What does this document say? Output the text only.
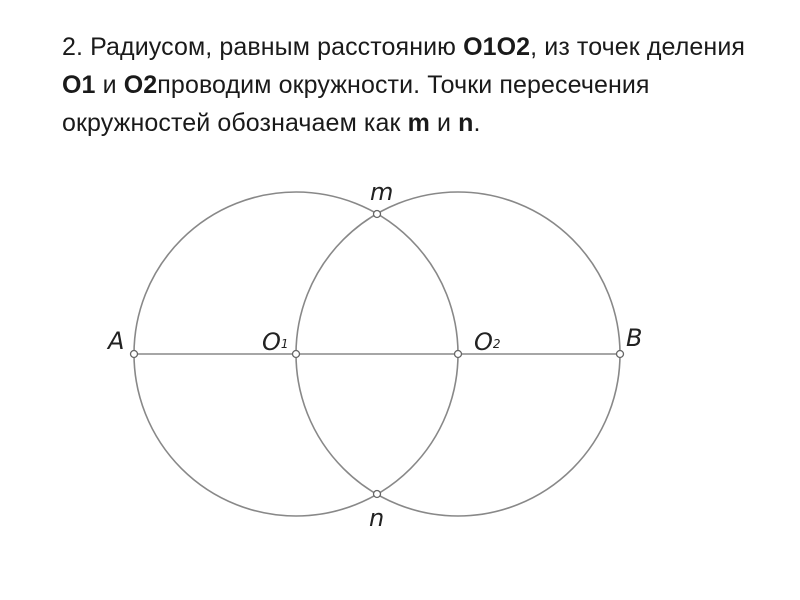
2. Радиусом, равным расстоянию O1O2, из точек деления O1 и O2проводим окружности. Точки пересечения окружностей обозначаем как m и n.
A	B
O1	O2
m
n
